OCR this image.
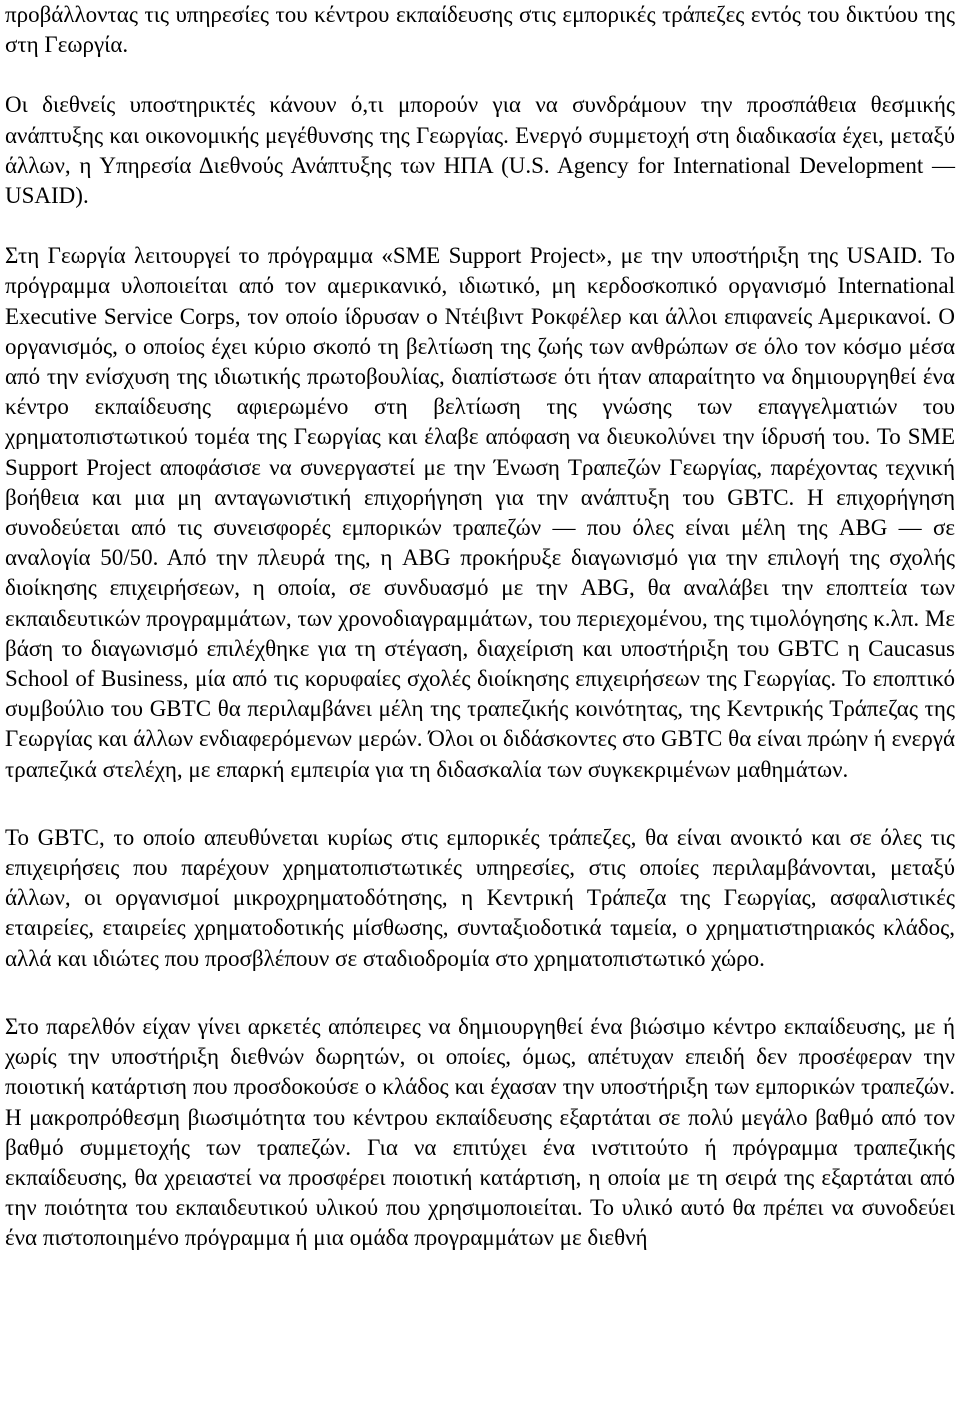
προβάλλοντας τις υπηρεσίες του κέντρου εκπαίδευσης στις εμπορικές τράπεζες εντός του δικτύου της στη Γεωργία.

Οι διεθνείς υποστηρικτές κάνουν ό,τι μπορούν για να συνδράμουν την προσπάθεια θεσμικής ανάπτυξης και οικονομικής μεγέθυνσης της Γεωργίας. Ενεργό συμμετοχή στη διαδικασία έχει, μεταξύ άλλων, η Υπηρεσία Διεθνούς Ανάπτυξης των ΗΠΑ (U.S. Agency for International Development —USAID).

Στη Γεωργία λειτουργεί το πρόγραμμα «SME Support Project», με την υποστήριξη της USAID. Το πρόγραμμα υλοποιείται από τον αμερικανικό, ιδιωτικό, μη κερδοσκοπικό οργανισμό International Executive Service Corps, τον οποίο ίδρυσαν ο Ντέιβιντ Ροκφέλερ και άλλοι επιφανείς Αμερικανοί. Ο οργανισμός, ο οποίος έχει κύριο σκοπό τη βελτίωση της ζωής των ανθρώπων σε όλο τον κόσμο μέσα από την ενίσχυση της ιδιωτικής πρωτοβουλίας, διαπίστωσε ότι ήταν απαραίτητο να δημιουργηθεί ένα κέντρο εκπαίδευσης αφιερωμένο στη βελτίωση της γνώσης των επαγγελματιών του χρηματοπιστωτικού τομέα της Γεωργίας και έλαβε απόφαση να διευκολύνει την ίδρυσή του. Το SME Support Project αποφάσισε να συνεργαστεί με την Ένωση Τραπεζών Γεωργίας, παρέχοντας τεχνική βοήθεια και μια μη ανταγωνιστική επιχορήγηση για την ανάπτυξη του GBTC. Η επιχορήγηση συνοδεύεται από τις συνεισφορές εμπορικών τραπεζών — που όλες είναι μέλη της ABG — σε αναλογία 50/50. Από την πλευρά της, η ABG προκήρυξε διαγωνισμό για την επιλογή της σχολής διοίκησης επιχειρήσεων, η οποία, σε συνδυασμό με την ABG, θα αναλάβει την εποπτεία των εκπαιδευτικών προγραμμάτων, των χρονοδιαγραμμάτων, του περιεχομένου, της τιμολόγησης κ.λπ. Με βάση το διαγωνισμό επιλέχθηκε για τη στέγαση, διαχείριση και υποστήριξη του GBTC η Caucasus School of Business, μία από τις κορυφαίες σχολές διοίκησης επιχειρήσεων της Γεωργίας. Το εποπτικό συμβούλιο του GBTC θα περιλαμβάνει μέλη της τραπεζικής κοινότητας, της Κεντρικής Τράπεζας της Γεωργίας και άλλων ενδιαφερόμενων μερών. Όλοι οι διδάσκοντες στο GBTC θα είναι πρώην ή ενεργά τραπεζικά στελέχη, με επαρκή εμπειρία για τη διδασκαλία των συγκεκριμένων μαθημάτων.

Το GBTC, το οποίο απευθύνεται κυρίως στις εμπορικές τράπεζες, θα είναι ανοικτό και σε όλες τις επιχειρήσεις που παρέχουν χρηματοπιστωτικές υπηρεσίες, στις οποίες περιλαμβάνονται, μεταξύ άλλων, οι οργανισμοί μικροχρηματοδότησης, η Κεντρική Τράπεζα της Γεωργίας, ασφαλιστικές εταιρείες, εταιρείες χρηματοδοτικής μίσθωσης, συνταξιοδοτικά ταμεία, ο χρηματιστηριακός κλάδος, αλλά και ιδιώτες που προσβλέπουν σε σταδιοδρομία στο χρηματοπιστωτικό χώρο.

Στο παρελθόν είχαν γίνει αρκετές απόπειρες να δημιουργηθεί ένα βιώσιμο κέντρο εκπαίδευσης, με ή χωρίς την υποστήριξη διεθνών δωρητών, οι οποίες, όμως, απέτυχαν επειδή δεν προσέφεραν την ποιοτική κατάρτιση που προσδοκούσε ο κλάδος και έχασαν την υποστήριξη των εμπορικών τραπεζών. Η μακροπρόθεσμη βιωσιμότητα του κέντρου εκπαίδευσης εξαρτάται σε πολύ μεγάλο βαθμό από τον βαθμό συμμετοχής των τραπεζών. Για να επιτύχει ένα ινστιτούτο ή πρόγραμμα τραπεζικής εκπαίδευσης, θα χρειαστεί να προσφέρει ποιοτική κατάρτιση, η οποία με τη σειρά της εξαρτάται από την ποιότητα του εκπαιδευτικού υλικού που χρησιμοποιείται. Το υλικό αυτό θα πρέπει να συνοδεύει ένα πιστοποιημένο πρόγραμμα ή μια ομάδα προγραμμάτων με διεθνή
